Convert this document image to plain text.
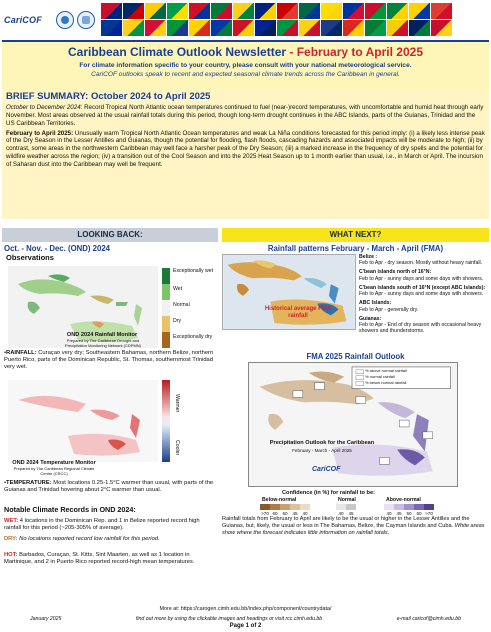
CariCOF
Caribbean Climate Outlook Newsletter - February to April 2025
For climate information specific to your country, please consult with your national meteorological service.
CariCOF outlooks speak to recent and expected seasonal climate trends across the Caribbean in general.
BRIEF SUMMARY: October 2024 to April 2025

October to December 2024: Record Tropical North Atlantic ocean temperatures continued to fuel (near-)record temperatures, with uncomfortable and humid heat through early November. Most areas observed at the usual rainfall totals during this period, though long-term drought continues in the ABC Islands, parts of the Guianas, Trinidad and the US Caribbean Territories.

February to April 2025: Unusually warm Tropical North Atlantic Ocean temperatures and weak La Niña conditions forecasted for this period imply: (i) a likely less intense peak of the Dry Season in the Lesser Antilles and Guianas, though the potential for flooding, flash floods, cascading hazards and associated impacts will be moderate to high; (ii) by contrast, some areas in the northwestern Caribbean may well face a harsher peak of the Dry Season; (iii) a marked increase in the frequency of dry spells and the potential for wildfire weather across the region; (iv) a transition out of the Cool Season and into the 2025 Heat Season up to 1 month earlier than usual, i.e., in March or April. The incursion of Saharan dust into the Caribbean may well be frequent.

LOOKING BACK:	WHAT NEXT?
Oct. - Nov. - Dec. (OND) 2024
Observations
Exceptionally wet
Wet
Normal
Dry
Exceptionally dry
OND 2024 Rainfall Monitor
Prepared by The Caribbean Drought and Precipitation Monitoring Network (CDPMN)
•RAINFALL: Curaçao very dry; Southeastern Bahamas, northern Belize, northern Puerto Rico, parts of the Dominican Republic, St. Thomas, southernmost Trinidad very wet.
Warmer
Cooler
OND 2024 Temperature Monitor
Prepared by The Caribbean Regional Climate Centre (CRCC)
•TEMPERATURE: Most locations 0.25-1.5°C warmer than usual, with parts of the Guianas and Trinidad hovering about 2°C warmer than usual.
Notable Climate Records in OND 2024:
WET: 4 locations in the Dominican Rep. and 1 in Belize reported record high rainfall for this period (~205-305% of average).
DRY: No locations reported record low rainfall for this period.
HOT: Barbados, Curaçao, St. Kitts, Sint Maarten, as well as 1 location in Martinique, and 2 in Puerto Rico reported record-high mean temperatures.
Rainfall patterns February - March - April (FMA)
Historical average FMA rainfall
Belize :
Feb to Apr - dry season. Mostly without heavy rainfall.
C'bean islands north of 16°N:
Feb to Apr - sunny days and some days with showers.
C'bean islands south of 16°N (except ABC Islands):
Feb to Apr - sunny days and some days with showers.
ABC Islands:
Feb to Apr - generally dry.
Guianas:
Feb to Apr - End of dry season with occasional heavy showers and thunderstorms.
FMA 2025 Rainfall Outlook
% above normal rainfall
% normal rainfall
% below normal rainfall
Precipitation Outlook for the Caribbean
February - March - April 2025
CariCOF
Confidence (in %) for rainfall to be:
Below-normal	Normal	Above-normal
>70 60	50	45	40	40	45	40	45	50	60 >70
Rainfall totals from February to April are likely to be the usual or higher in the Lesser Antilles and the Guianas, but, likely, the usual or less in The Bahamas, Belize, the Cayman Islands and Cuba. White areas show where the forecast indicates little information on rainfall totals.
More at: https://carogen.cimh.edu.bb/index.php/component/countrydata/
January 2025	find out more by using the clickable images and headings or visit rcc.cimh.edu.bb	e-mail caricof@cimh.edu.bb
Page 1 of 2
